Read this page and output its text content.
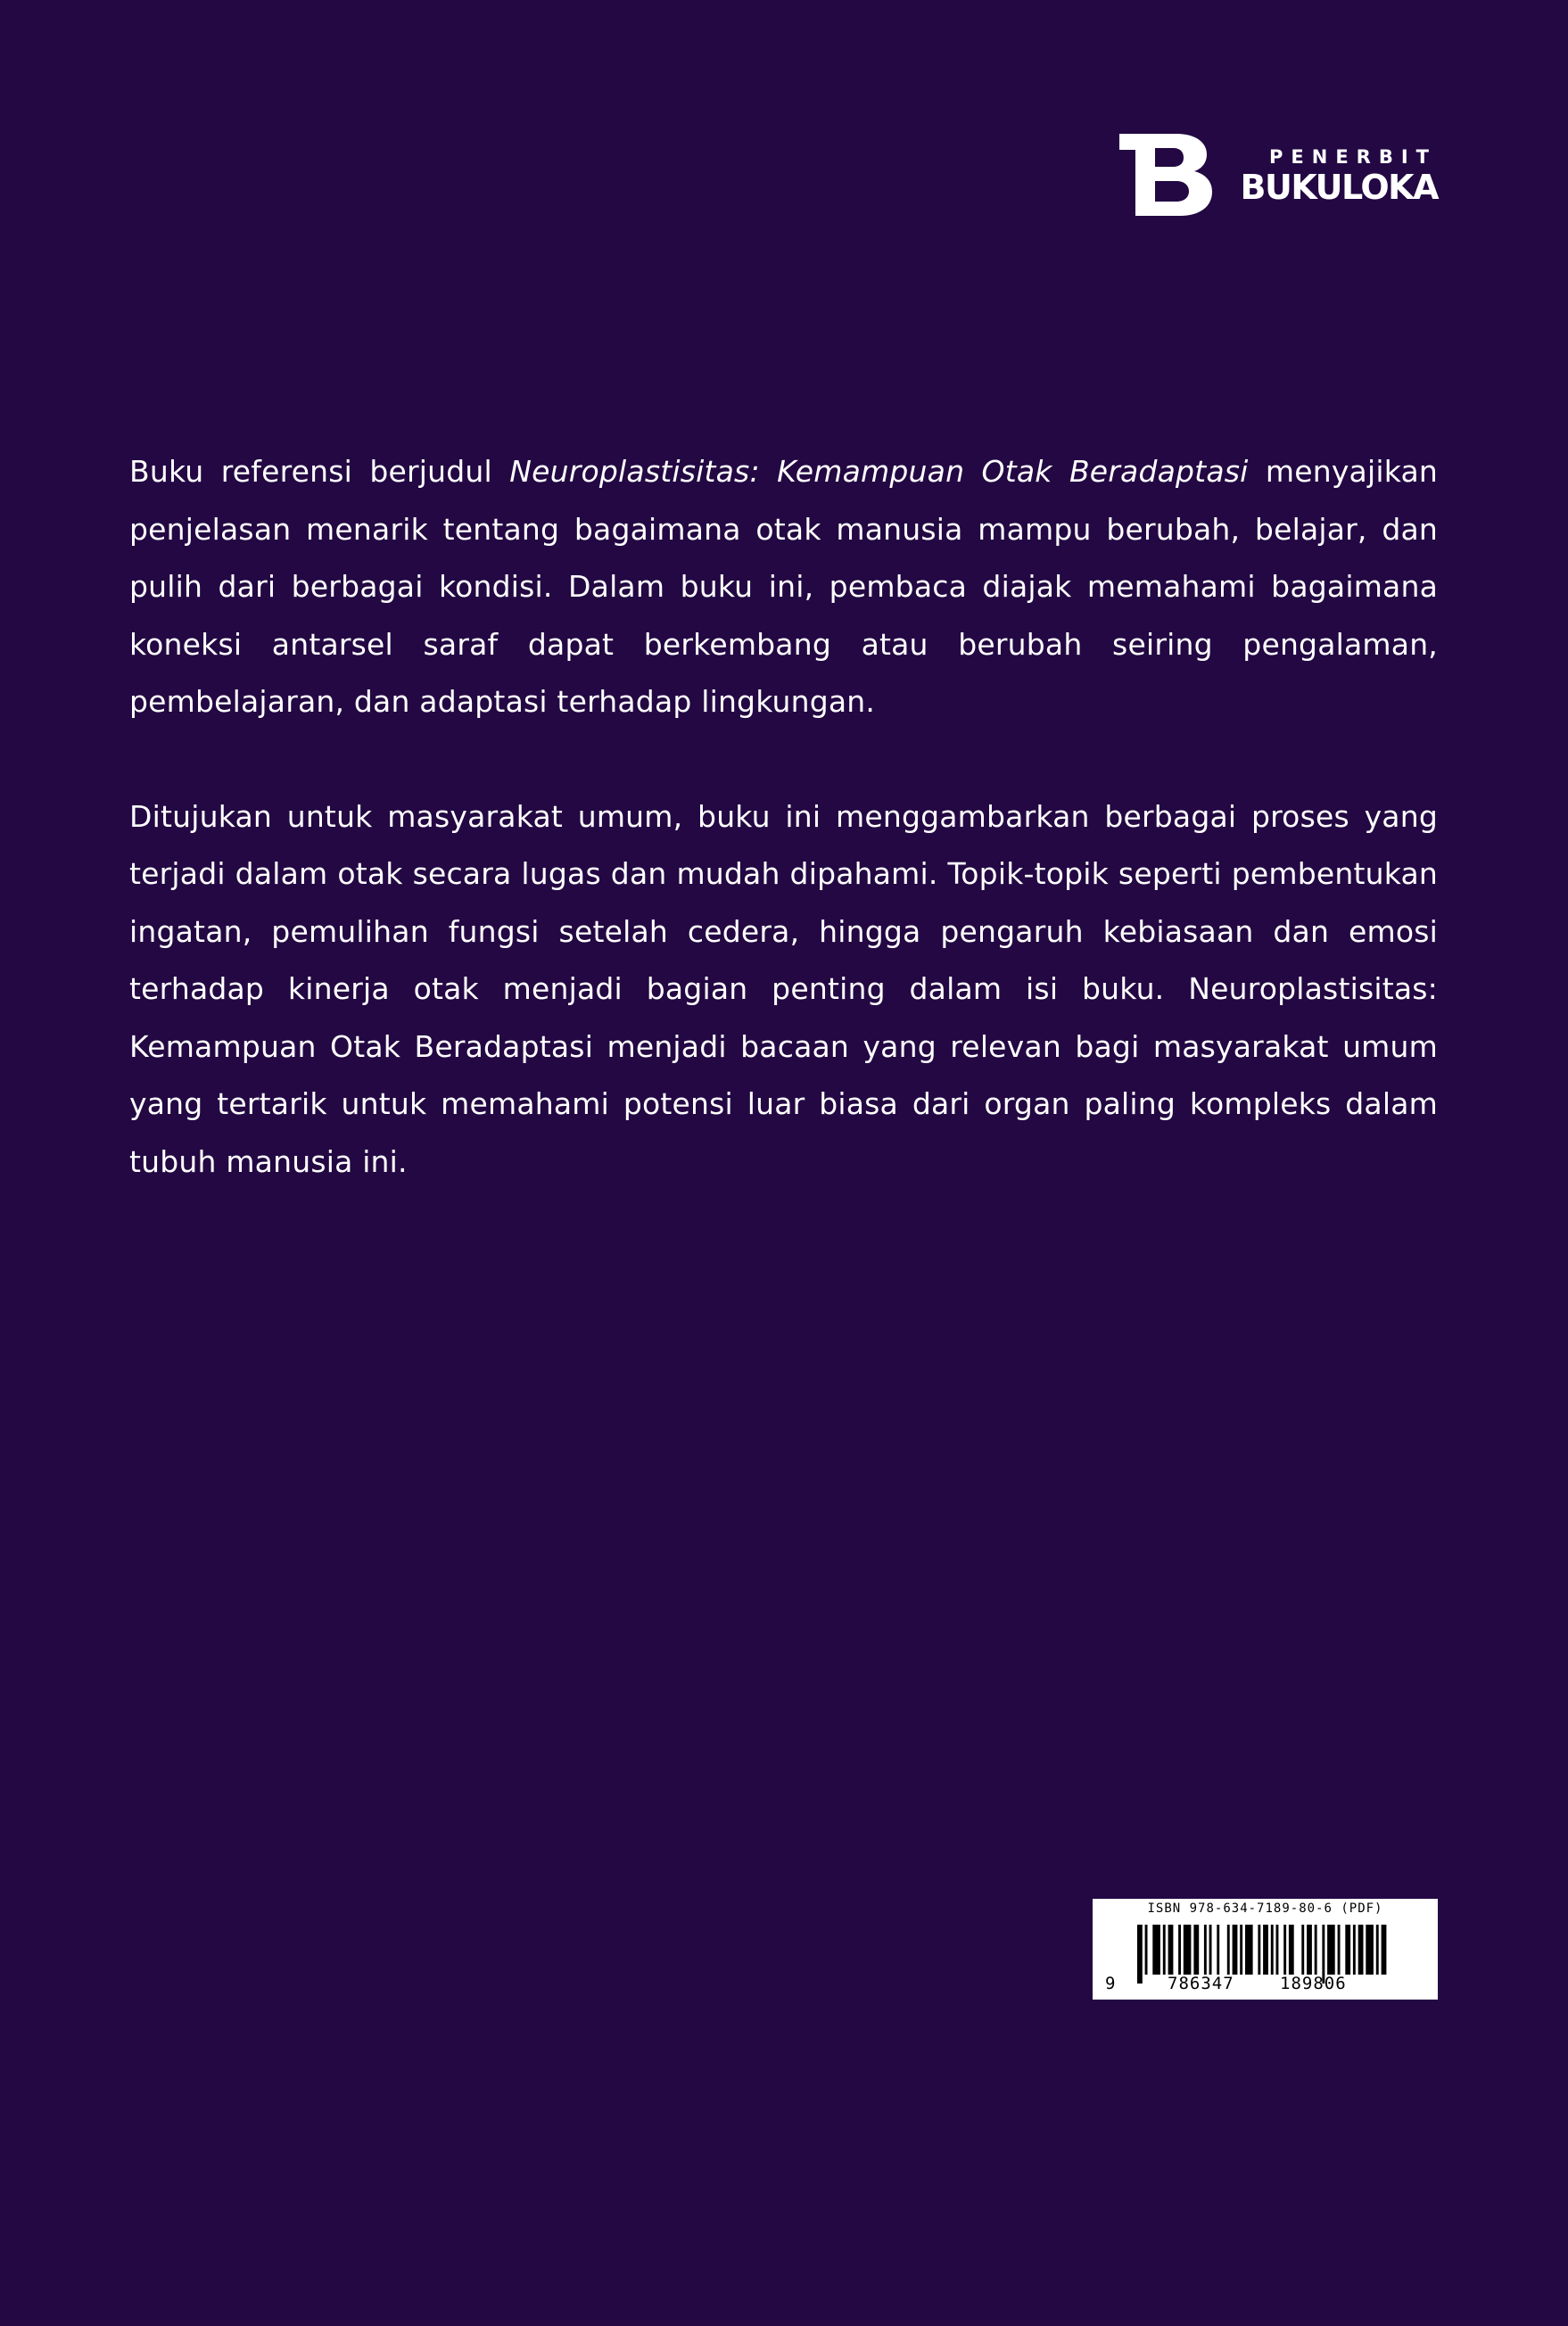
PENERBIT
BUKULOKA

Buku referensi berjudul Neuroplastisitas: Kemampuan Otak Beradaptasi menyajikan penjelasan menarik tentang bagaimana otak manusia mampu berubah, belajar, dan pulih dari berbagai kondisi. Dalam buku ini, pembaca diajak memahami bagaimana koneksi antarsel saraf dapat berkembang atau berubah seiring pengalaman, pembelajaran, dan adaptasi terhadap lingkungan.

Ditujukan untuk masyarakat umum, buku ini menggambarkan berbagai proses yang terjadi dalam otak secara lugas dan mudah dipahami. Topik-topik seperti pembentukan ingatan, pemulihan fungsi setelah cedera, hingga pengaruh kebiasaan dan emosi terhadap kinerja otak menjadi bagian penting dalam isi buku. Neuroplastisitas: Kemampuan Otak Beradaptasi menjadi bacaan yang relevan bagi masyarakat umum yang tertarik untuk memahami potensi luar biasa dari organ paling kompleks dalam tubuh manusia ini.

ISBN 978-634-7189-80-6 (PDF)
9	786347	189806
